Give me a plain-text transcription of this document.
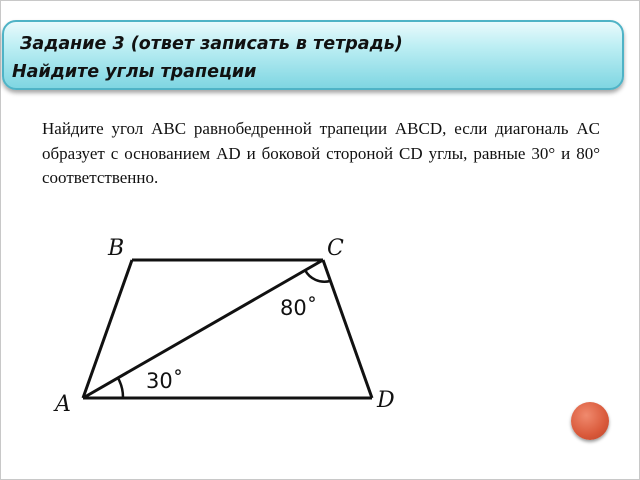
Задание 3 (ответ записать в тетрадь)
Найдите углы трапеции
Найдите угол ABC равнобедренной трапеции ABCD, если диагональ AC образует с основанием AD и боковой стороной CD углы, равные 30° и 80° соответственно.
B	C
A	D
80˚
30˚
